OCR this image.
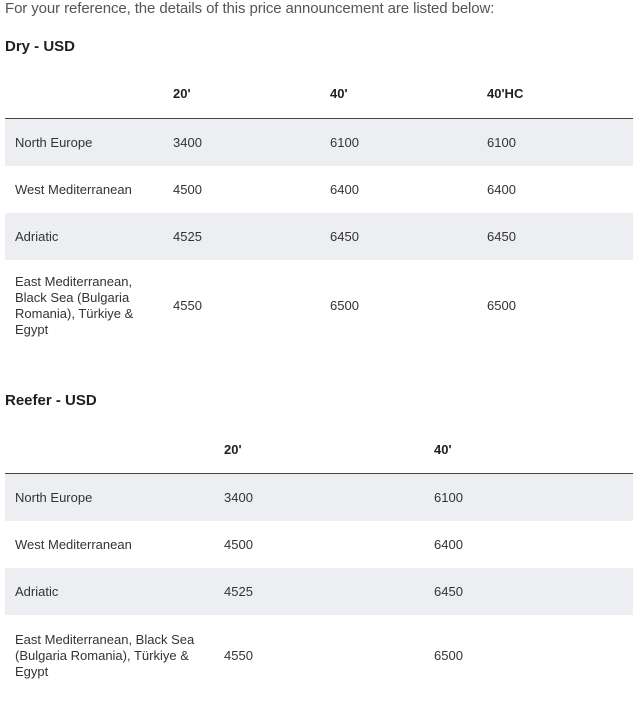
For your reference, the details of this price announcement are listed below:
Dry - USD
	20'	40'	40'HC
North Europe	3400	6100	6100
West Mediterranean	4500	6400	6400
Adriatic	4525	6450	6450
East Mediterranean, Black Sea (Bulgaria Romania), Türkiye & Egypt	4550	6500	6500
Reefer - USD
	20'	40'
North Europe	3400	6100
West Mediterranean	4500	6400
Adriatic	4525	6450
East Mediterranean, Black Sea (Bulgaria Romania), Türkiye & Egypt	4550	6500
